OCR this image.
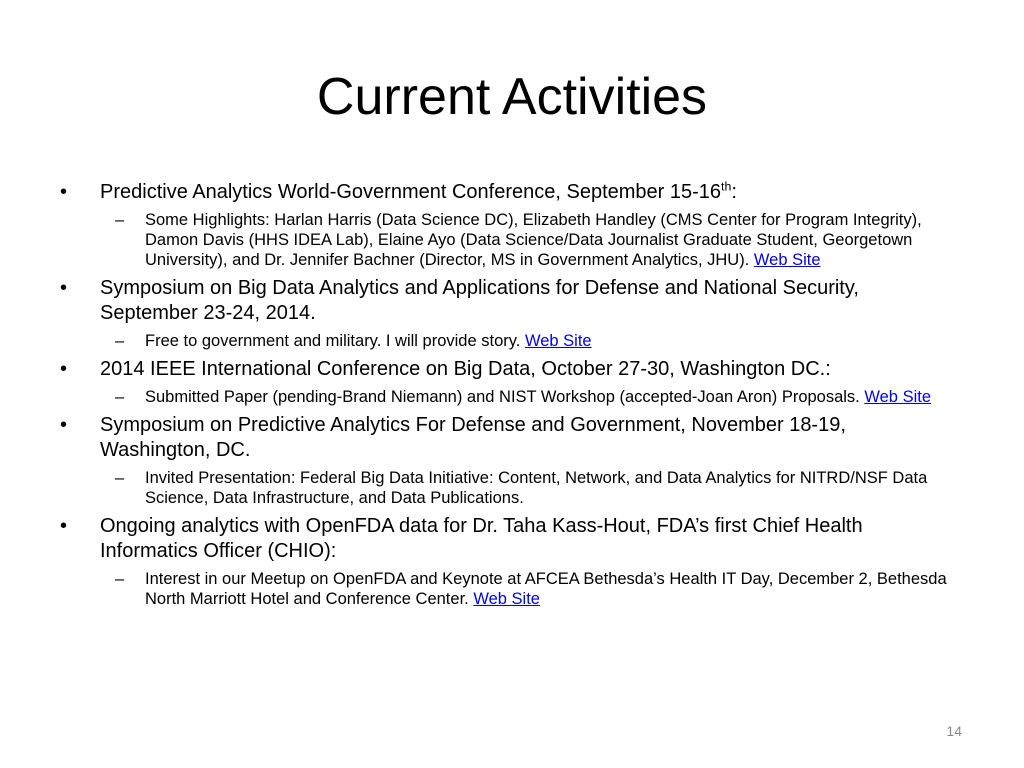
Current Activities
• Predictive Analytics World-Government Conference, September 15-16th:
– Some Highlights: Harlan Harris (Data Science DC), Elizabeth Handley (CMS Center for Program Integrity), Damon Davis (HHS IDEA Lab), Elaine Ayo (Data Science/Data Journalist Graduate Student, Georgetown University), and Dr. Jennifer Bachner (Director, MS in Government Analytics, JHU). Web Site
• Symposium on Big Data Analytics and Applications for Defense and National Security, September 23-24, 2014.
– Free to government and military. I will provide story. Web Site
• 2014 IEEE International Conference on Big Data, October 27-30, Washington DC.:
– Submitted Paper (pending-Brand Niemann) and NIST Workshop (accepted-Joan Aron) Proposals. Web Site
• Symposium on Predictive Analytics For Defense and Government, November 18-19, Washington, DC.
– Invited Presentation: Federal Big Data Initiative: Content, Network, and Data Analytics for NITRD/NSF Data Science, Data Infrastructure, and Data Publications.
• Ongoing analytics with OpenFDA data for Dr. Taha Kass-Hout, FDA’s first Chief Health Informatics Officer (CHIO):
– Interest in our Meetup on OpenFDA and Keynote at AFCEA Bethesda’s Health IT Day, December 2, Bethesda North Marriott Hotel and Conference Center. Web Site
14
